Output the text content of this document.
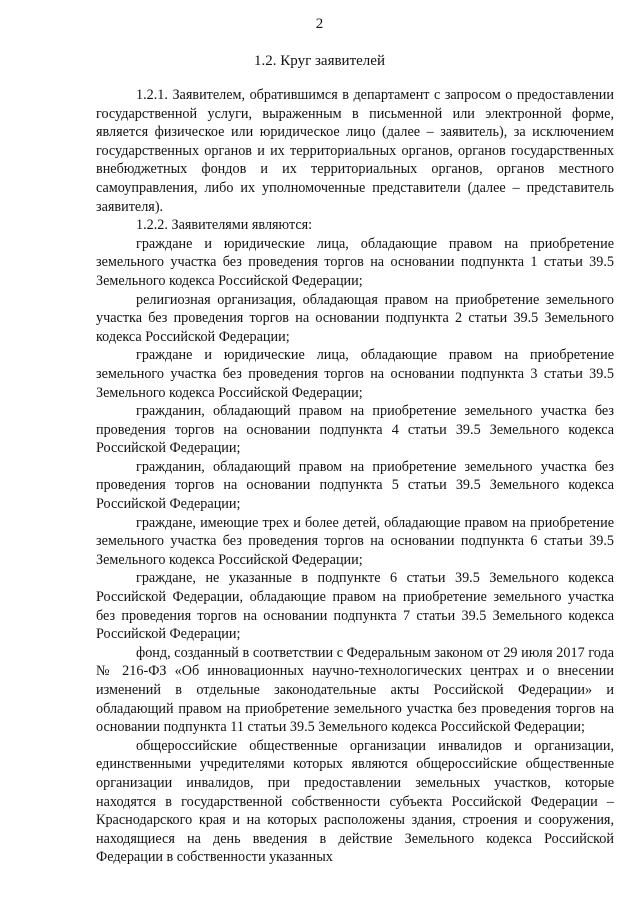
2
1.2. Круг заявителей

1.2.1. Заявителем, обратившимся в департамент с запросом о предоставлении государственной услуги, выраженным в письменной или электронной форме, является физическое или юридическое лицо (далее – заявитель), за исключением государственных органов и их территориальных органов, органов государственных внебюджетных фондов и их территориальных органов, органов местного самоуправления, либо их уполномоченные представители (далее – представитель заявителя).

1.2.2. Заявителями являются:

граждане и юридические лица, обладающие правом на приобретение земельного участка без проведения торгов на основании подпункта 1 статьи 39.5 Земельного кодекса Российской Федерации;

религиозная организация, обладающая правом на приобретение земельного участка без проведения торгов на основании подпункта 2 статьи 39.5 Земельного кодекса Российской Федерации;

граждане и юридические лица, обладающие правом на приобретение земельного участка без проведения торгов на основании подпункта 3 статьи 39.5 Земельного кодекса Российской Федерации;

гражданин, обладающий правом на приобретение земельного участка без проведения торгов на основании подпункта 4 статьи 39.5 Земельного кодекса Российской Федерации;

гражданин, обладающий правом на приобретение земельного участка без проведения торгов на основании подпункта 5 статьи 39.5 Земельного кодекса Российской Федерации;

граждане, имеющие трех и более детей, обладающие правом на приобретение земельного участка без проведения торгов на основании подпункта 6 статьи 39.5 Земельного кодекса Российской Федерации;

граждане, не указанные в подпункте 6 статьи 39.5 Земельного кодекса Российской Федерации, обладающие правом на приобретение земельного участка без проведения торгов на основании подпункта 7 статьи 39.5 Земельного кодекса Российской Федерации;

фонд, созданный в соответствии с Федеральным законом от 29 июля 2017 года № 216-ФЗ «Об инновационных научно-технологических центрах и о внесении изменений в отдельные законодательные акты Российской Федерации» и обладающий правом на приобретение земельного участка без проведения торгов на основании подпункта 11 статьи 39.5 Земельного кодекса Российской Федерации;

общероссийские общественные организации инвалидов и организации, единственными учредителями которых являются общероссийские общественные организации инвалидов, при предоставлении земельных участков, которые находятся в государственной собственности субъекта Российской Федерации – Краснодарского края и на которых расположены здания, строения и сооружения, находящиеся на день введения в действие Земельного кодекса Российской Федерации в собственности указанных
